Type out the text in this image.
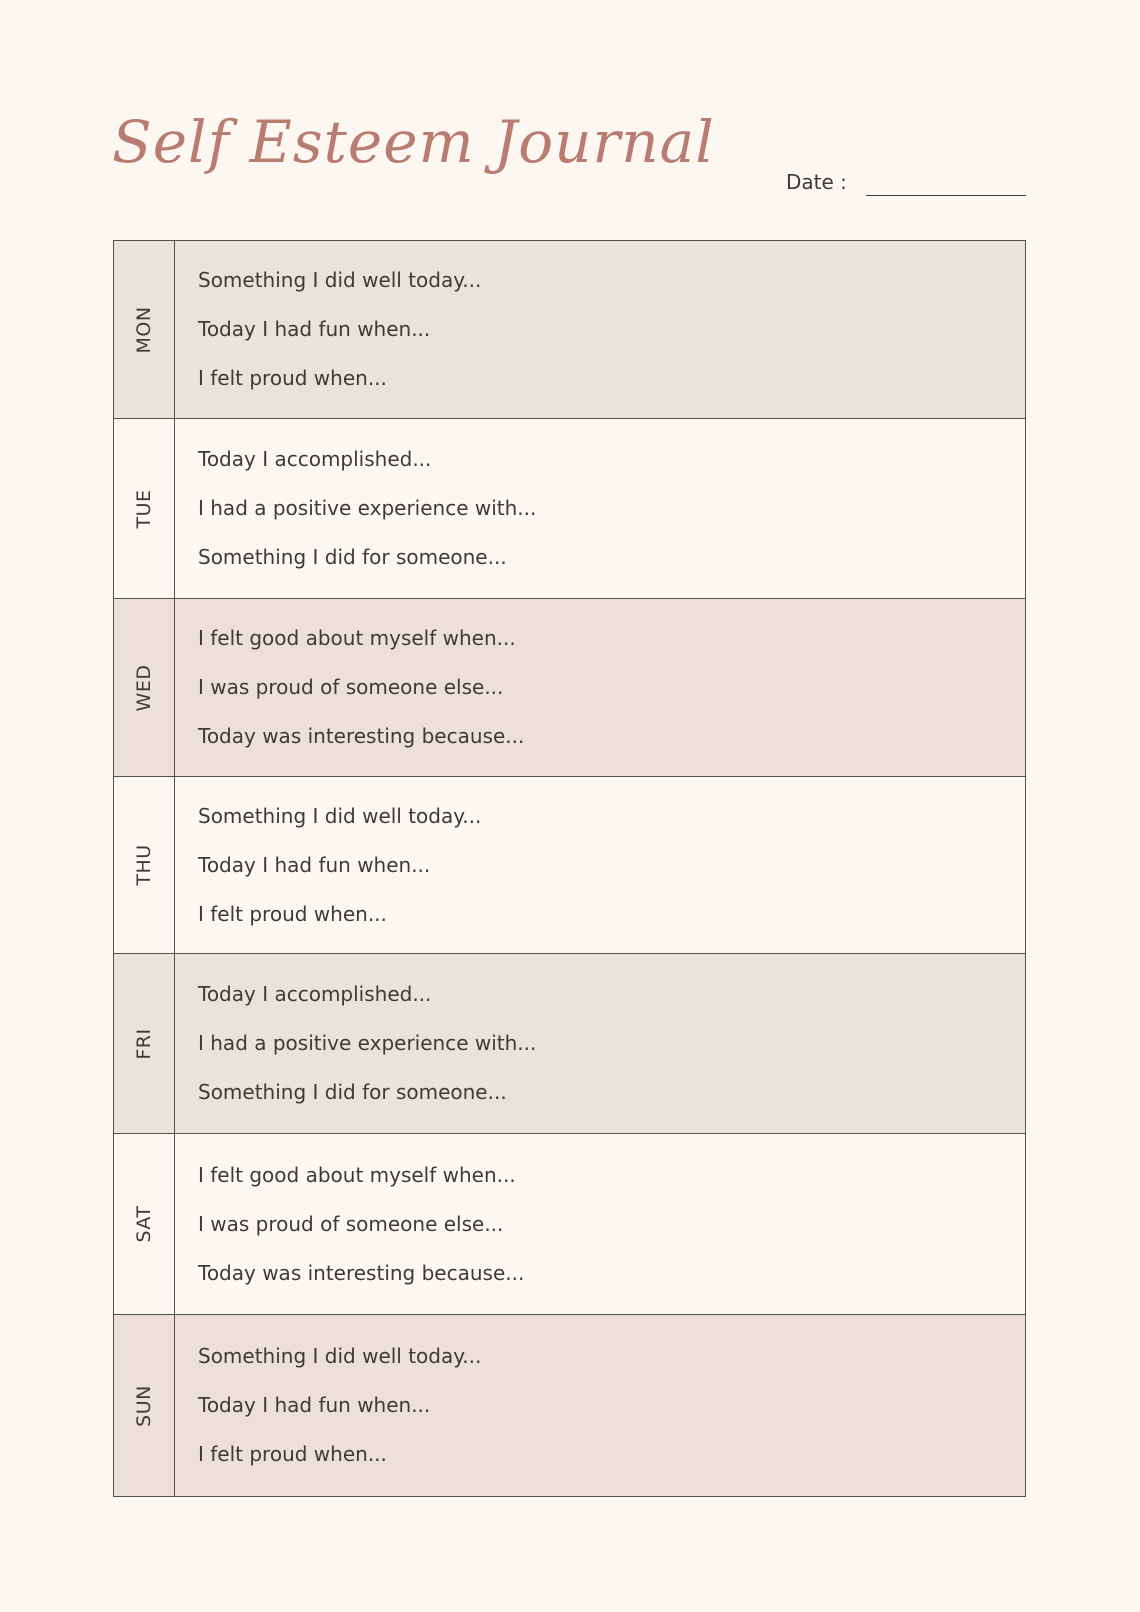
Self Esteem Journal
Date :
MON
Something I did well today...
Today I had fun when...
I felt proud when...
TUE
Today I accomplished...
I had a positive experience with...
Something I did for someone...
WED
I felt good about myself when...
I was proud of someone else...
Today was interesting because...
THU
Something I did well today...
Today I had fun when...
I felt proud when...
FRI
Today I accomplished...
I had a positive experience with...
Something I did for someone...
SAT
I felt good about myself when...
I was proud of someone else...
Today was interesting because...
SUN
Something I did well today...
Today I had fun when...
I felt proud when...
